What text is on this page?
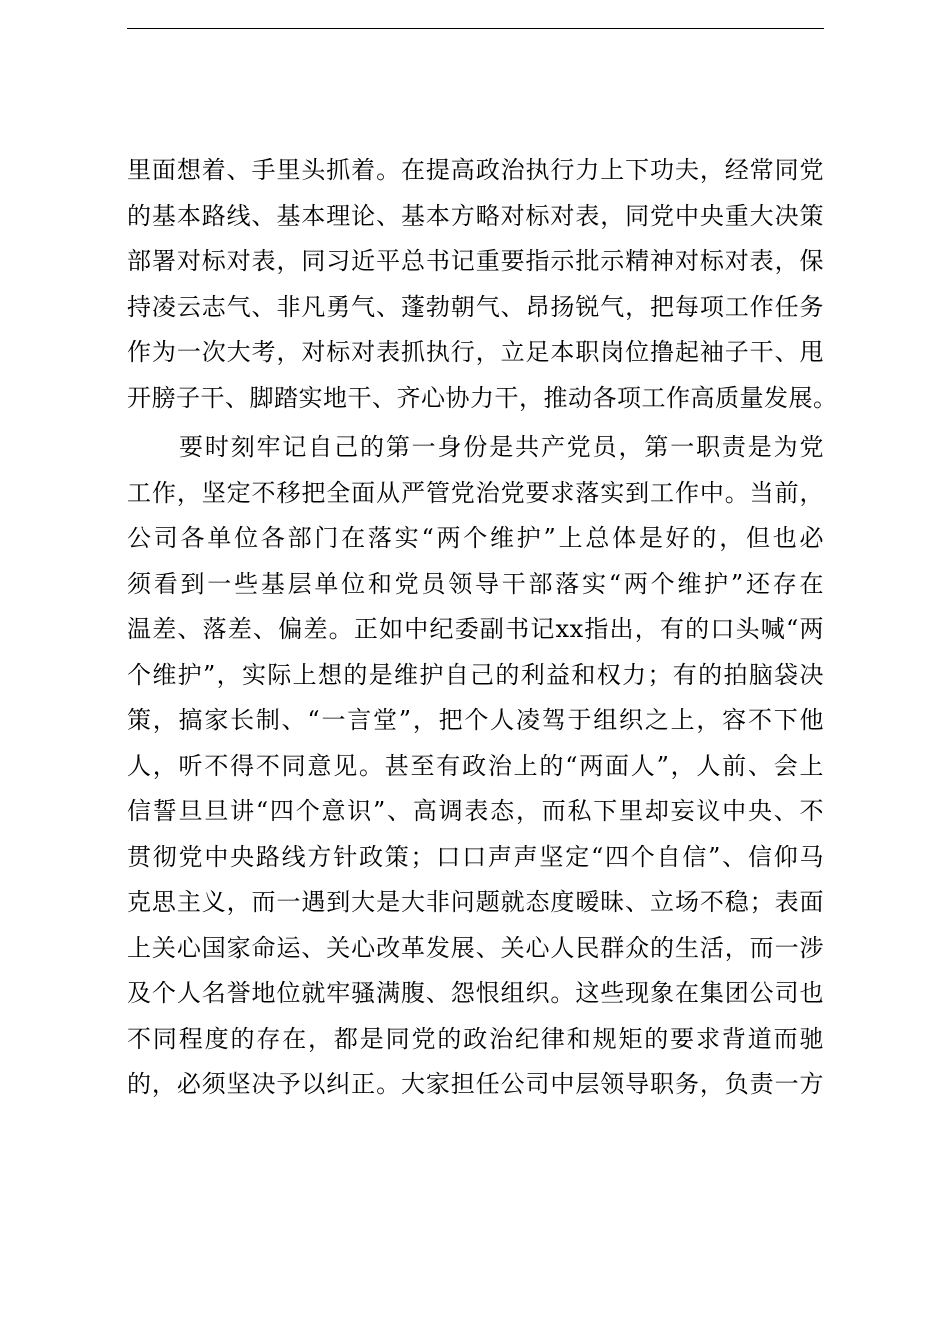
里面想着、手里头抓着。在提高政治执行力上下功夫，经常同党
的基本路线、基本理论、基本方略对标对表，同党中央重大决策
部署对标对表，同习近平总书记重要指示批示精神对标对表，保
持凌云志气、非凡勇气、蓬勃朝气、昂扬锐气，把每项工作任务
作为一次大考，对标对表抓执行，立足本职岗位撸起袖子干、甩
开膀子干、脚踏实地干、齐心协力干，推动各项工作高质量发展。
要时刻牢记自己的第一身份是共产党员，第一职责是为党
工作，坚定不移把全面从严管党治党要求落实到工作中。当前，
公司各单位各部门在落实“两个维护”上总体是好的，但也必
须看到一些基层单位和党员领导干部落实“两个维护”还存在
温差、落差、偏差。正如中纪委副书记xx指出，有的口头喊“两
个维护”，实际上想的是维护自己的利益和权力；有的拍脑袋决
策，搞家长制、“一言堂”，把个人凌驾于组织之上，容不下他
人，听不得不同意见。甚至有政治上的“两面人”，人前、会上
信誓旦旦讲“四个意识”、高调表态，而私下里却妄议中央、不
贯彻党中央路线方针政策；口口声声坚定“四个自信”、信仰马
克思主义，而一遇到大是大非问题就态度暧昧、立场不稳；表面
上关心国家命运、关心改革发展、关心人民群众的生活，而一涉
及个人名誉地位就牢骚满腹、怨恨组织。这些现象在集团公司也
不同程度的存在，都是同党的政治纪律和规矩的要求背道而驰
的，必须坚决予以纠正。大家担任公司中层领导职务，负责一方
